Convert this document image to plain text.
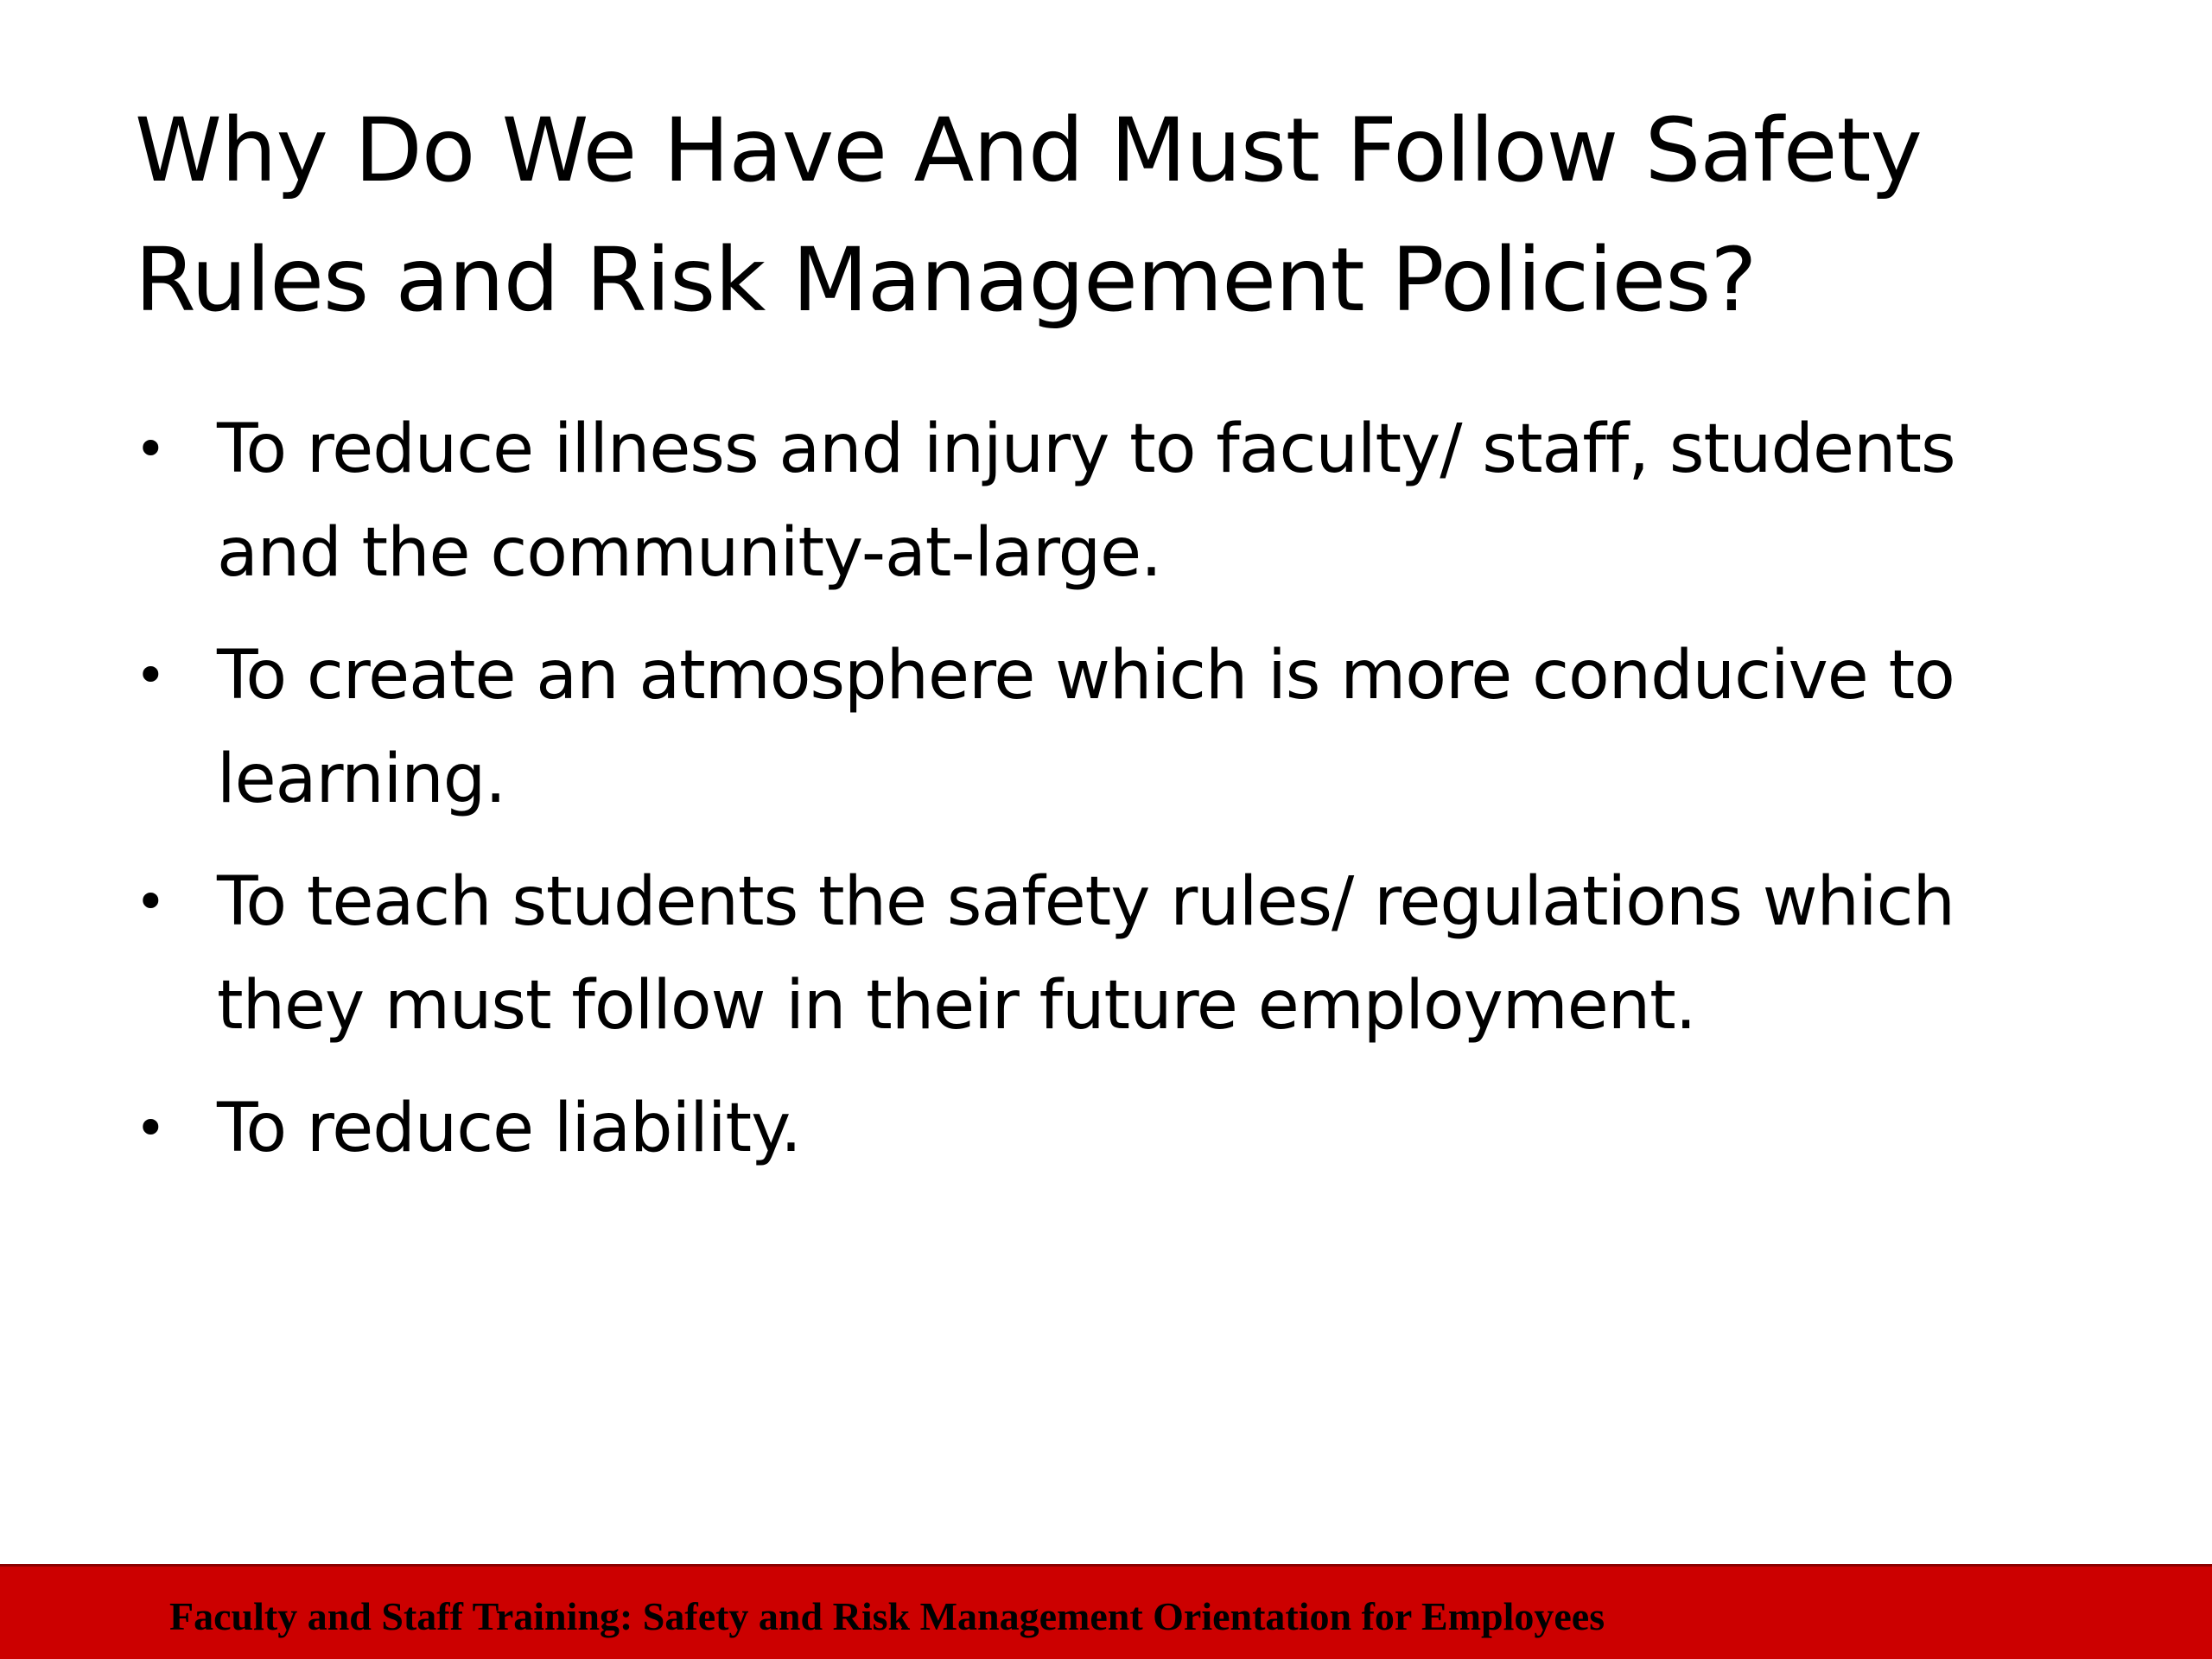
Why Do We Have And Must Follow Safety Rules and Risk Management Policies?
• To reduce illness and injury to faculty/ staff, students and the community-at-large.
• To create an atmosphere which is more conducive to learning.
• To teach students the safety rules/ regulations which they must follow in their future employment.
• To reduce liability.
Faculty and Staff Training: Safety and Risk Management Orientation for Employees
